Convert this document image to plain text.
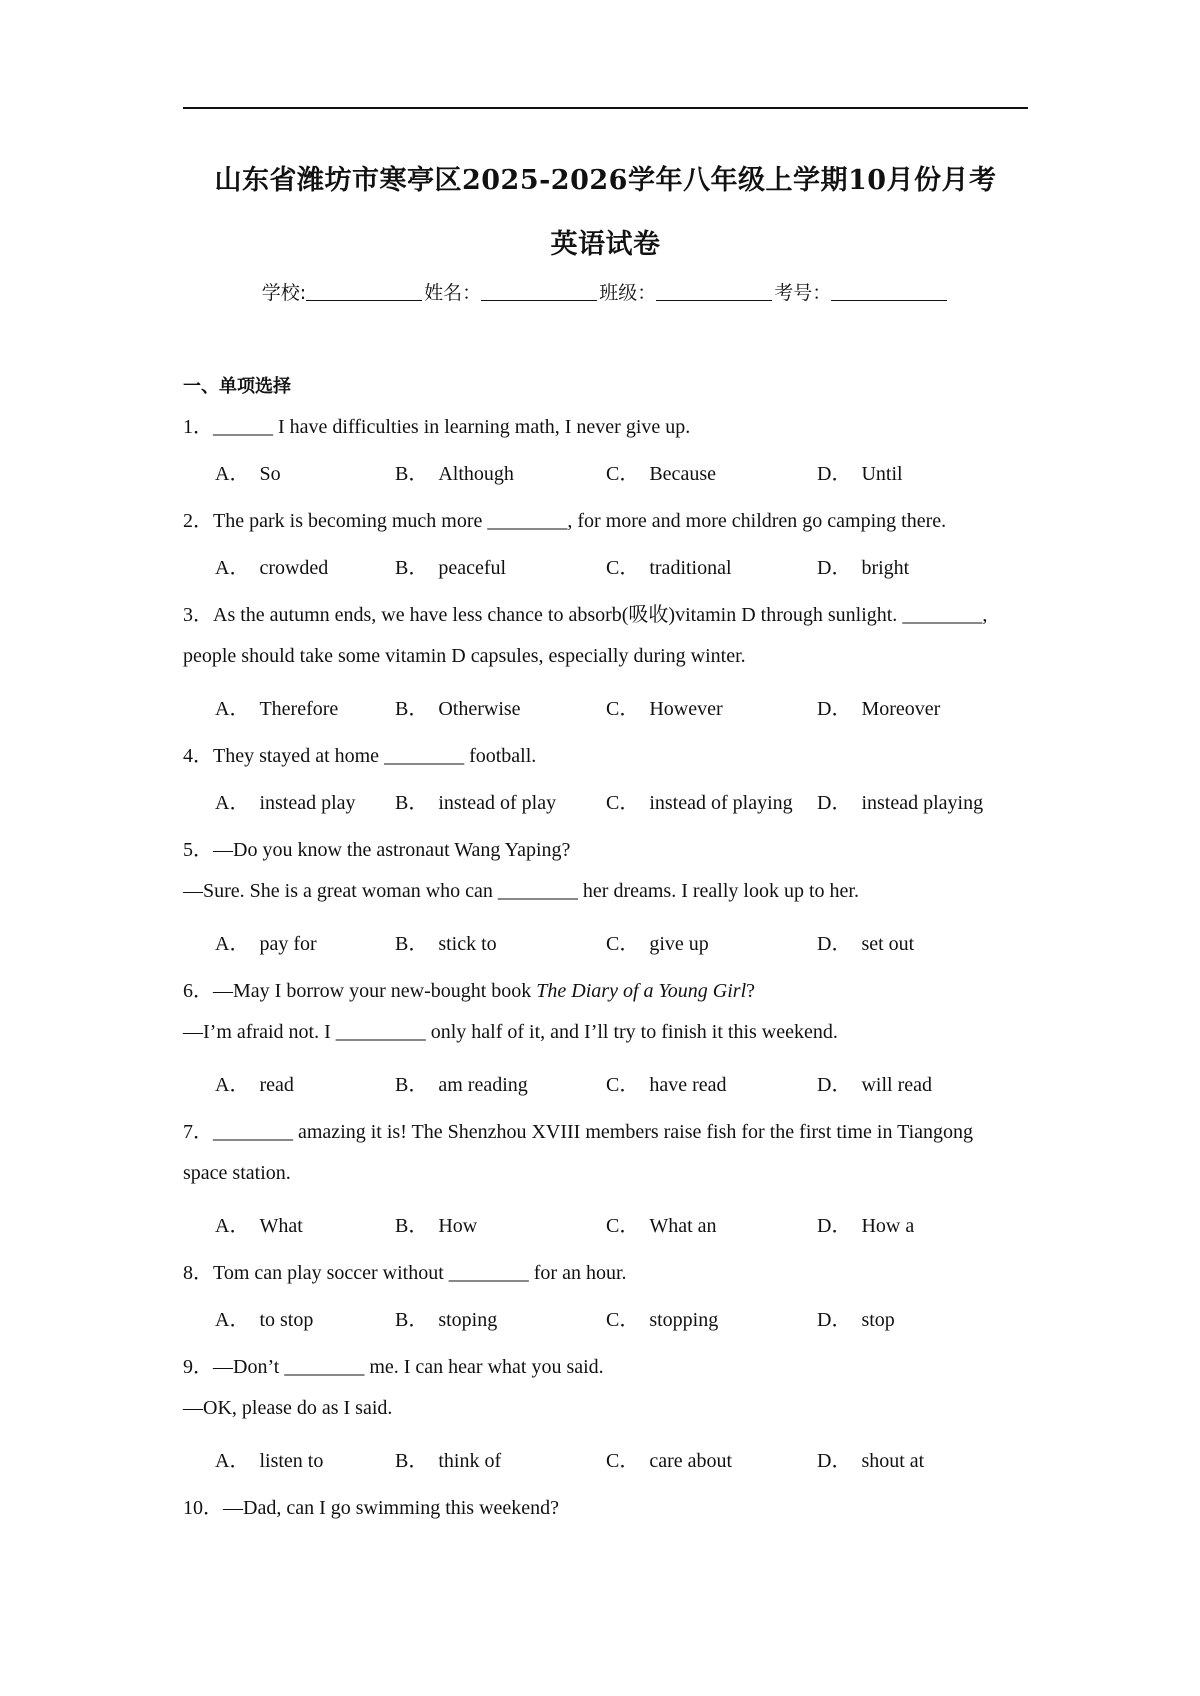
山东省潍坊市寒亭区2025-2026学年八年级上学期10月份月考
英语试卷
学校:	姓名：	班级：	考号：
一、单项选择
1．______ I have difficulties in learning math, I never give up.
A． So	B． Although	C． Because	D． Until
2．The park is becoming much more ________, for more and more children go camping there.
A． crowded	B． peaceful	C． traditional	D． bright
3．As the autumn ends, we have less chance to absorb(吸收)vitamin D through sunlight. ________,
people should take some vitamin D capsules, especially during winter.
A． Therefore	B． Otherwise	C． However	D． Moreover
4．They stayed at home ________ football.
A． instead play B． instead of play C． instead of playing D． instead playing
5．—Do you know the astronaut Wang Yaping?
—Sure. She is a great woman who can ________ her dreams. I really look up to her.
A． pay for	B． stick to	C． give up	D． set out
6．—May I borrow your new-bought book The Diary of a Young Girl?
—I’m afraid not. I _________ only half of it, and I’ll try to finish it this weekend.
A． read	B． am reading	C． have read	D． will read
7．________ amazing it is! The Shenzhou XVIII members raise fish for the first time in Tiangong
space station.
A． What	B． How	C． What an	D． How a
8．Tom can play soccer without ________ for an hour.
A． to stop	B． stoping	C． stopping	D． stop
9．—Don’t ________ me. I can hear what you said.
—OK, please do as I said.
A． listen to	B． think of	C． care about	D． shout at
10．—Dad, can I go swimming this weekend?
